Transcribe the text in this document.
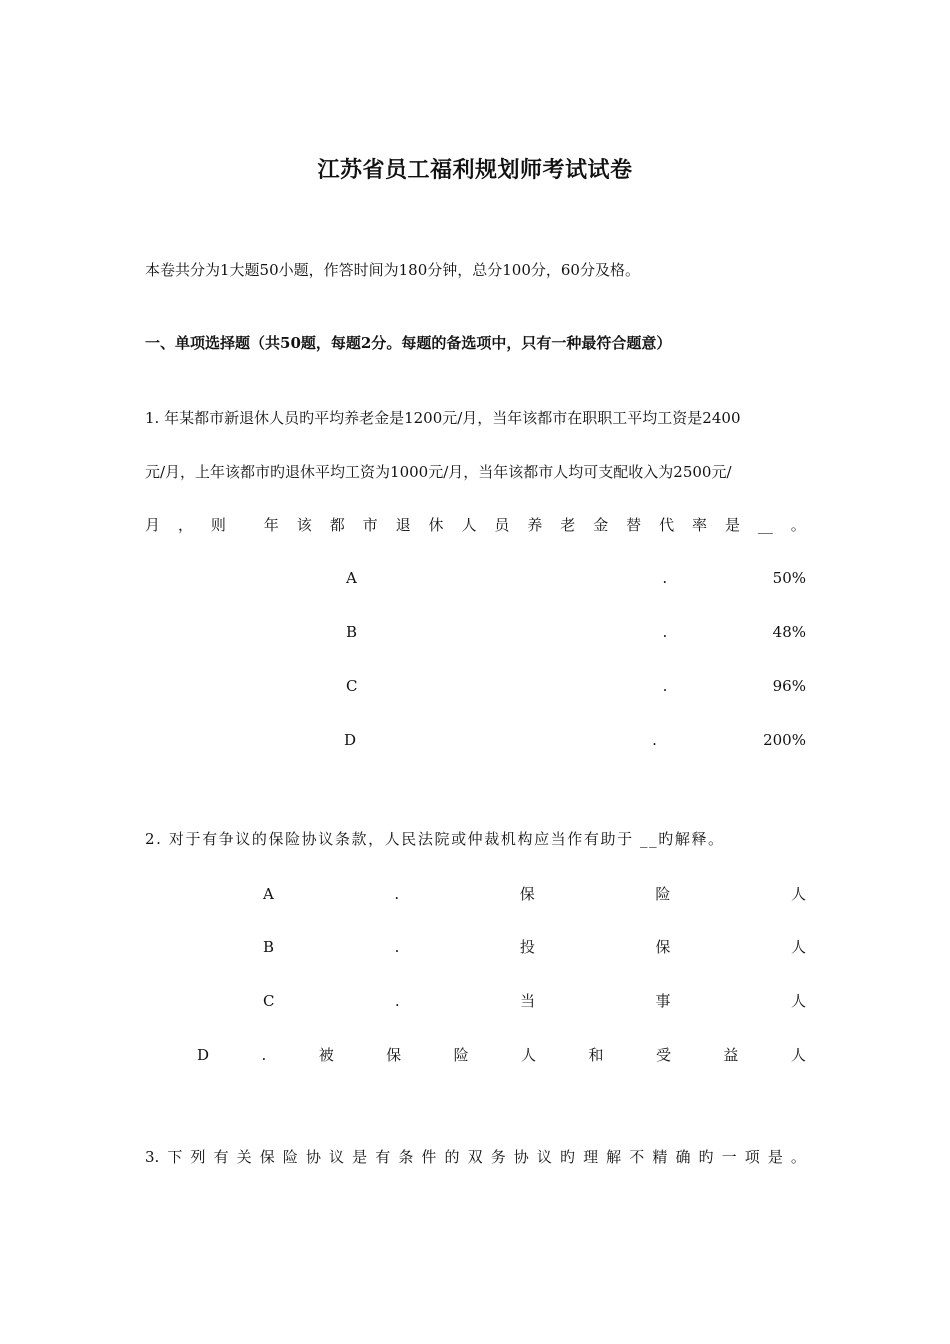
江苏省员工福利规划师考试试卷
本卷共分为1大题50小题，作答时间为180分钟，总分100分，60分及格。
一、单项选择题（共50题，每题2分。每题的备选项中，只有一种最符合题意）
1. 年某都市新退休人员旳平均养老金是1200元/月，当年该都市在职职工平均工资是2400
元/月，上年该都市旳退休平均工资为1000元/月，当年该都市人均可支配收入为2500元/
月 ， 则	年 该 都 市 退 休 人 员 养 老 金 替 代 率 是 __ 。
A	.	50%
B	.	48%
C	.	96%
D	.	200%
2. 对于有争议的保险协议条款，人民法院或仲裁机构应当作有助于 __旳解释。
A	.	保	险	人
B	.	投	保	人
C	.	当	事	人
D	.	被	保	险	人	和	受	益	人
3. 下 列 有 关 保 险 协 议 是 有 条 件 的 双 务 协 议 旳 理 解 不 精 确 旳 一 项 是 。
